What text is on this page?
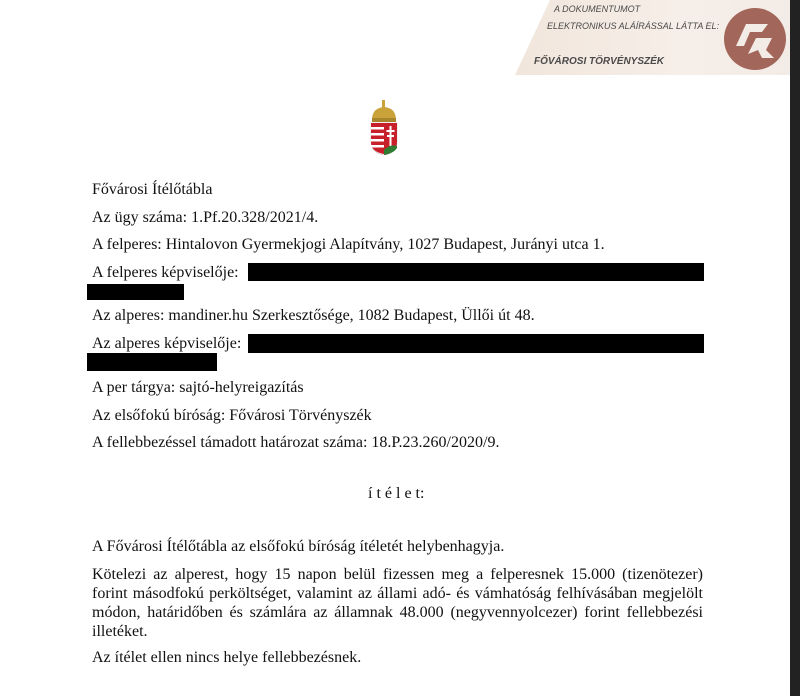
A DOKUMENTUMOT
ELEKTRONIKUS ALÁÍRÁSSAL LÁTTA EL:
FŐVÁROSI TÖRVÉNYSZÉK
Fővárosi Ítélőtábla
Az ügy száma: 1.Pf.20.328/2021/4.
A felperes: Hintalovon Gyermekjogi Alapítvány, 1027 Budapest, Jurányi utca 1.
A felperes képviselője:
Az alperes: mandiner.hu Szerkesztősége, 1082 Budapest, Üllői út 48.
Az alperes képviselője:
A per tárgya: sajtó-helyreigazítás
Az elsőfokú bíróság: Fővárosi Törvényszék
A fellebbezéssel támadott határozat száma: 18.P.23.260/2020/9.
í t é l e t:
A Fővárosi Ítélőtábla az elsőfokú bíróság ítéletét helybenhagyja.
Kötelezi az alperest, hogy 15 napon belül fizessen meg a felperesnek 15.000 (tizenötezer) forint másodfokú perköltséget, valamint az állami adó- és vámhatóság felhívásában megjelölt módon, határidőben és számlára az államnak 48.000 (negyvennyolcezer) forint fellebbezési illetéket.
Az ítélet ellen nincs helye fellebbezésnek.
